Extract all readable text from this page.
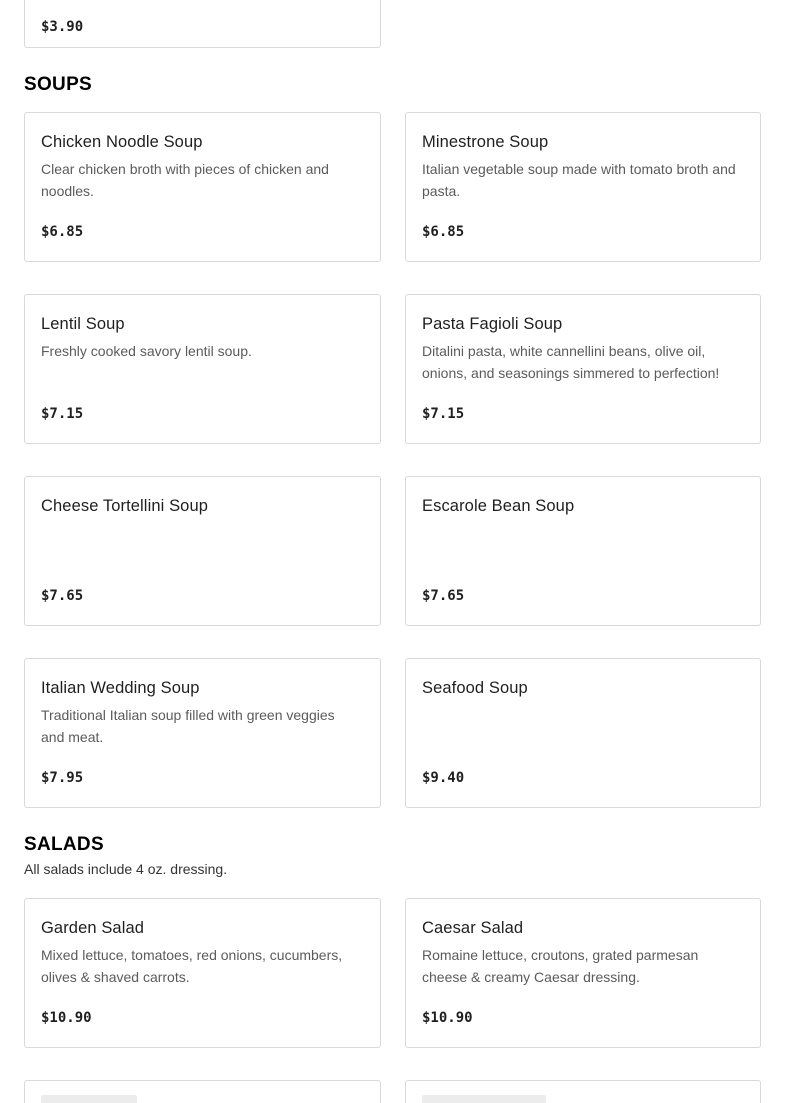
$3.90
SOUPS
Chicken Noodle Soup
Clear chicken broth with pieces of chicken and noodles.
$6.85
Minestrone Soup
Italian vegetable soup made with tomato broth and pasta.
$6.85
Lentil Soup
Freshly cooked savory lentil soup.
$7.15
Pasta Fagioli Soup
Ditalini pasta, white cannellini beans, olive oil, onions, and seasonings simmered to perfection!
$7.15
Cheese Tortellini Soup
$7.65
Escarole Bean Soup
$7.65
Italian Wedding Soup
Traditional Italian soup filled with green veggies and meat.
$7.95
Seafood Soup
$9.40
SALADS

All salads include 4 oz. dressing.

Garden Salad
Mixed lettuce, tomatoes, red onions, cucumbers, olives & shaved carrots.
$10.90
Caesar Salad
Romaine lettuce, croutons, grated parmesan cheese & creamy Caesar dressing.
$10.90
